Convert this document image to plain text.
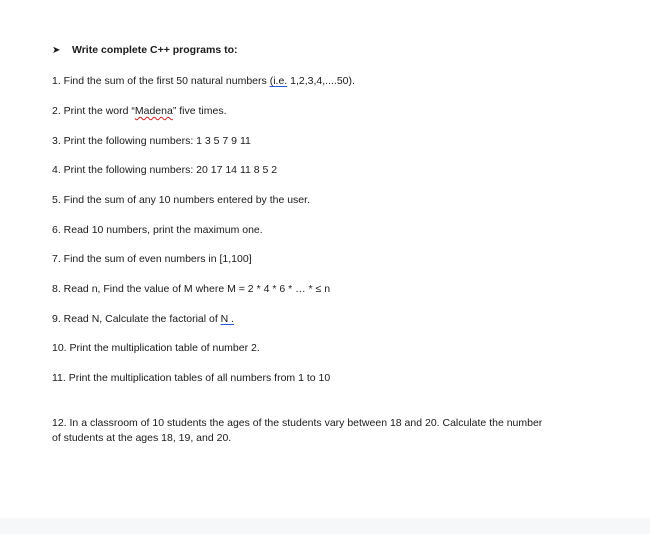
➤	Write complete C++ programs to:
1. Find the sum of the first 50 natural numbers (i.e. 1,2,3,4,....50).
2. Print the word “Madena” five times.
3. Print the following numbers: 1 3 5 7 9 11
4. Print the following numbers: 20 17 14 11 8 5 2
5. Find the sum of any 10 numbers entered by the user.
6. Read 10 numbers, print the maximum one.
7. Find the sum of even numbers in [1,100]
8. Read n, Find the value of M where M = 2 * 4 * 6 * … * ≤ n
9. Read N, Calculate the factorial of N .
10. Print the multiplication table of number 2.
11. Print the multiplication tables of all numbers from 1 to 10
12. In a classroom of 10 students the ages of the students vary between 18 and 20. Calculate the number of students at the ages 18, 19, and 20.
